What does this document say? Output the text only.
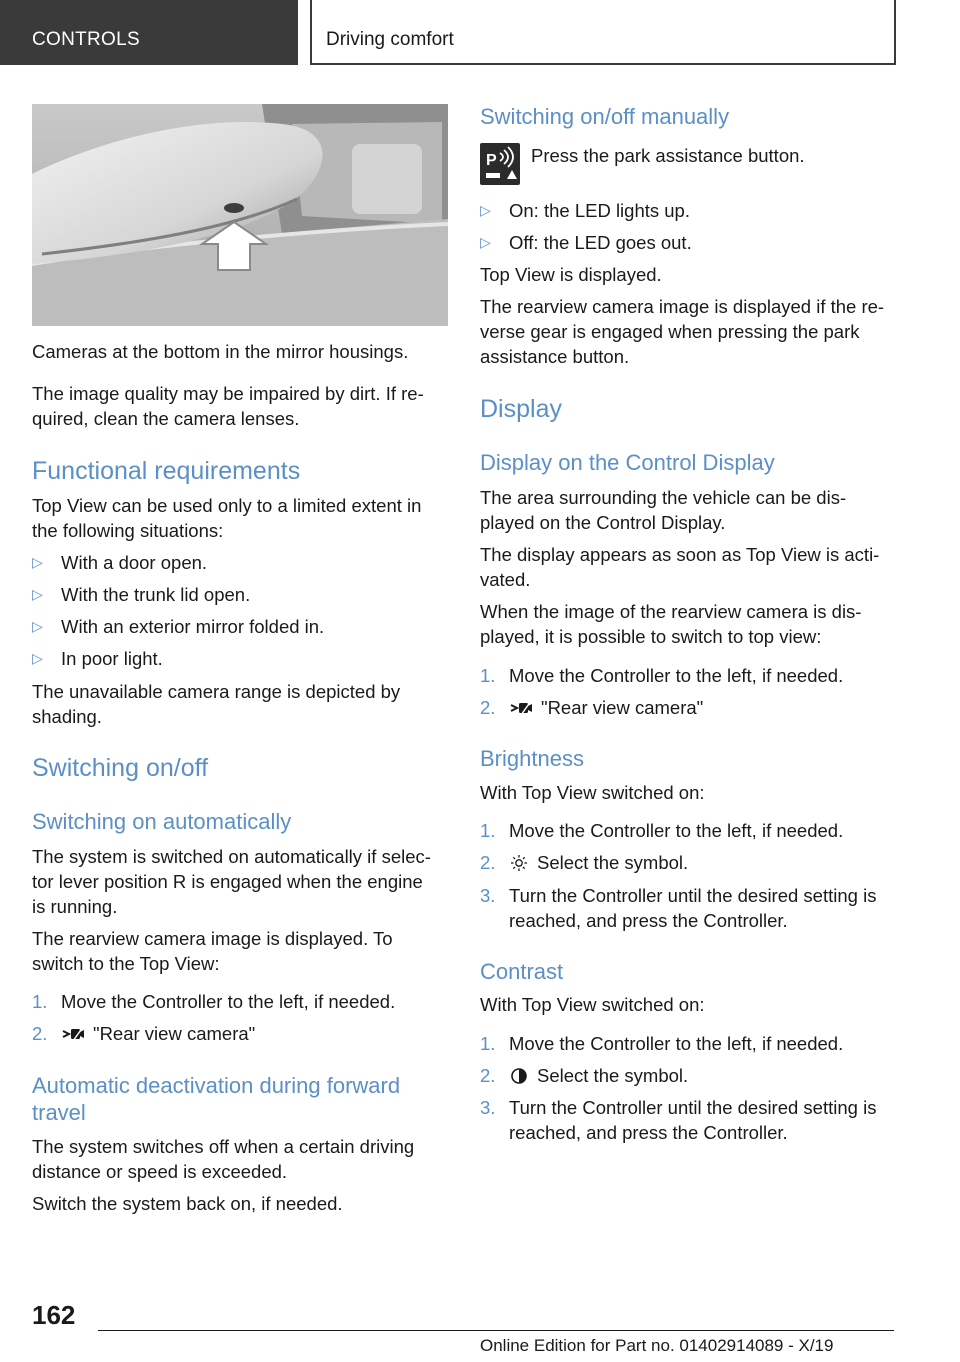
CONTROLS	Driving comfort

Cameras at the bottom in the mirror housings.

The image quality may be impaired by dirt. If re‐

quired, clean the camera lenses.

Functional requirements

Top View can be used only to a limited extent in

the following situations:

▷ With a door open.
▷ With the trunk lid open.
▷ With an exterior mirror folded in.
▷ In poor light.

The unavailable camera range is depicted by

shading.

Switching on/off
Switching on automatically

The system is switched on automatically if selec‐

tor lever position R is engaged when the engine

is running.

The rearview camera image is displayed. To

switch to the Top View:

1. Move the Controller to the left, if needed.
2.	"Rear view camera"
Automatic deactivation during forward
travel

The system switches off when a certain driving

distance or speed is exceeded.

Switch the system back on, if needed.

Switching on/off manually
P Press the park assistance button.

▷ On: the LED lights up.
▷ Off: the LED goes out.

Top View is displayed.

The rearview camera image is displayed if the re‐

verse gear is engaged when pressing the park

assistance button.

Display
Display on the Control Display

The area surrounding the vehicle can be dis‐

played on the Control Display.

The display appears as soon as Top View is acti‐

vated.

When the image of the rearview camera is dis‐

played, it is possible to switch to top view:

1. Move the Controller to the left, if needed.
2.	"Rear view camera"
Brightness

With Top View switched on:

1. Move the Controller to the left, if needed.
2.	Select the symbol.
3. Turn the Controller until the desired setting is
reached, and press the Controller.
Contrast

With Top View switched on:

1. Move the Controller to the left, if needed.
2.	Select the symbol.
3. Turn the Controller until the desired setting is
reached, and press the Controller.
162
Online Edition for Part no. 01402914089 - X/19
